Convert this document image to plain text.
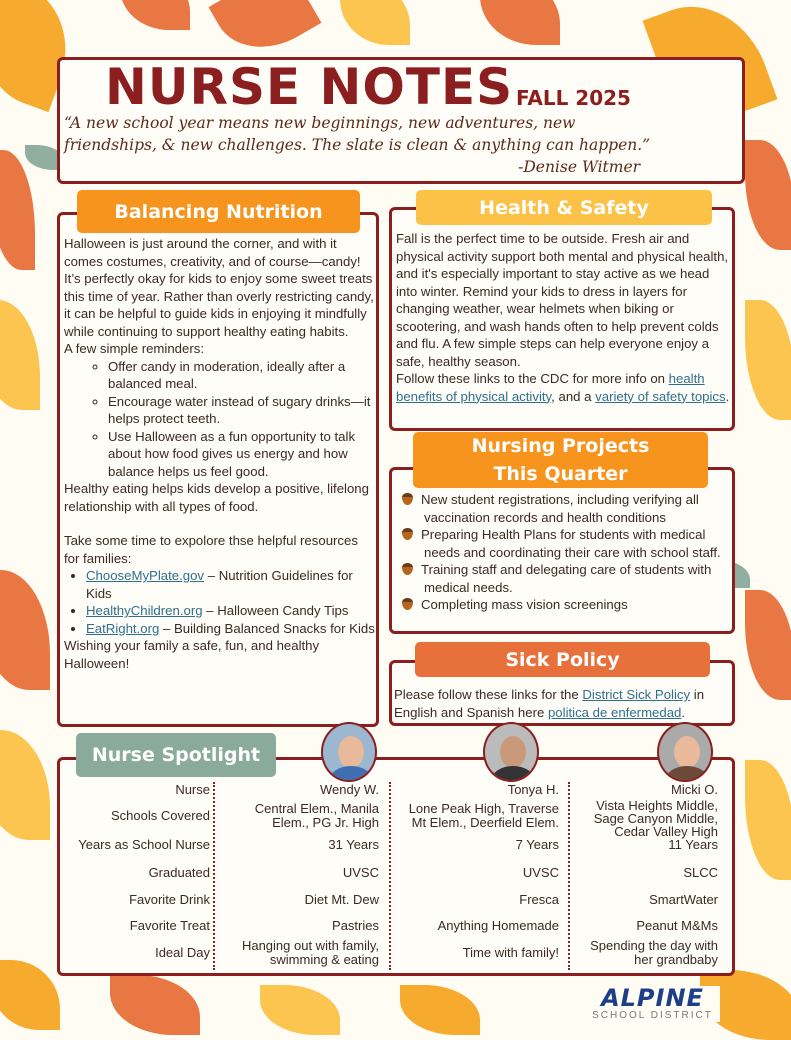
NURSE NOTES FALL 2025
“A new school year means new beginnings, new adventures, new
friendships, & new challenges. The slate is clean & anything can happen.”
-Denise Witmer
Balancing Nutrition
Halloween is just around the corner, and with it comes costumes, creativity, and of course—candy! It’s perfectly okay for kids to enjoy some sweet treats this time of year. Rather than overly restricting candy, it can be helpful to guide kids in enjoying it mindfully while continuing to support healthy eating habits.
A few simple reminders:
◦ Offer candy in moderation, ideally after a balanced meal.
◦ Encourage water instead of sugary drinks—it helps protect teeth.
◦ Use Halloween as a fun opportunity to talk about how food gives us energy and how balance helps us feel good.
Healthy eating helps kids develop a positive, lifelong relationship with all types of food.
Take some time to expolore thse helpful resources for families:
• ChooseMyPlate.gov – Nutrition Guidelines for Kids
• HealthyChildren.org – Halloween Candy Tips
• EatRight.org – Building Balanced Snacks for Kids
Wishing your family a safe, fun, and healthy Halloween!
Health & Safety
Fall is the perfect time to be outside. Fresh air and physical activity support both mental and physical health, and it's especially important to stay active as we head into winter. Remind your kids to dress in layers for changing weather, wear helmets when biking or scootering, and wash hands often to help prevent colds and flu. A few simple steps can help everyone enjoy a safe, healthy season.
Follow these links to the CDC for more info on health benefits of physical activity, and a variety of safety topics.
Nursing Projects
This Quarter
New student registrations, including verifying all vaccination records and health conditions
Preparing Health Plans for students with medical needs and coordinating their care with school staff.
Training staff and delegating care of students with medical needs.
Completing mass vision screenings
Sick Policy
Please follow these links for the District Sick Policy in English and Spanish here politica de enfermedad.
Nurse Spotlight
Nurse
Schools Covered
Years as School Nurse
Graduated
Favorite Drink
Favorite Treat
Ideal Day
Wendy W.
Central Elem., Manila Elem., PG Jr. High
31 Years
UVSC
Diet Mt. Dew
Pastries
Hanging out with family, swimming & eating
Tonya H.
Lone Peak High, Traverse Mt Elem., Deerfield Elem.
7 Years
UVSC
Fresca
Anything Homemade
Time with family!
Micki O.
Vista Heights Middle, Sage Canyon Middle, Cedar Valley High
11 Years
SLCC
SmartWater
Peanut M&Ms
Spending the day with her grandbaby
ALPINE
SCHOOL DISTRICT
